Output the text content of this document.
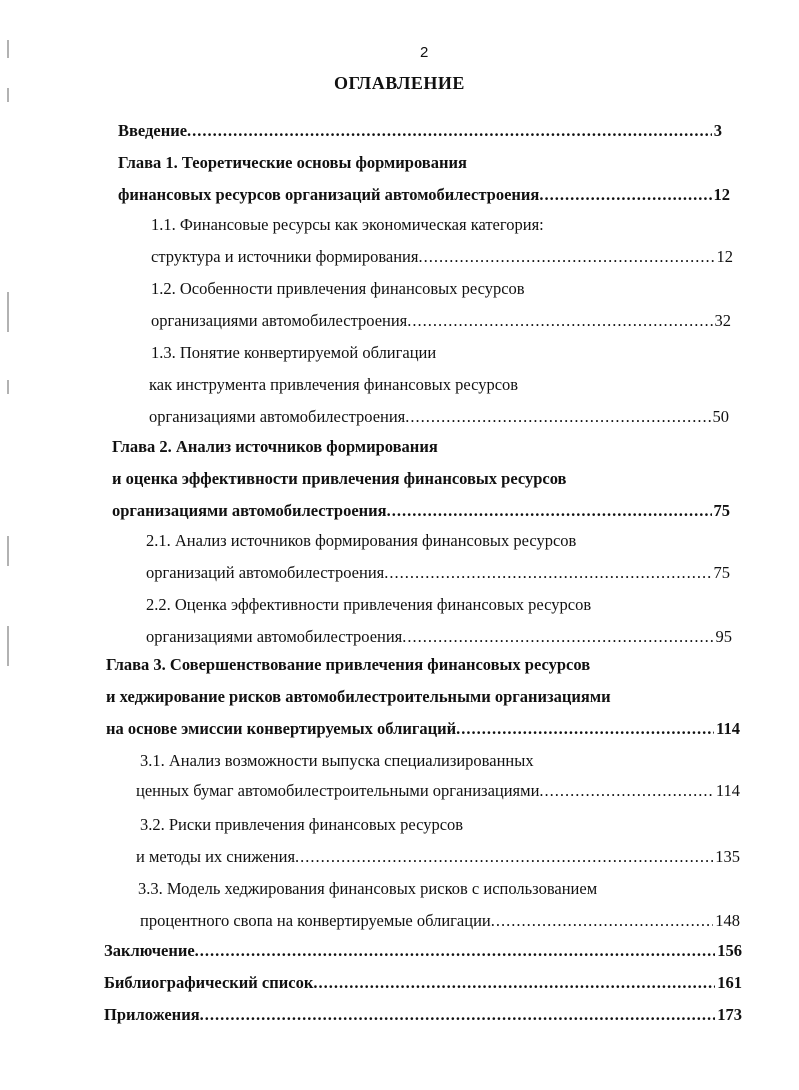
2
ОГЛАВЛЕНИЕ
Введение .....	3
Глава 1. Теоретические основы формирования
финансовых ресурсов организаций автомобилестроения .....	12
1.1. Финансовые ресурсы как экономическая категория:
структура и источники формирования .....	12
1.2. Особенности привлечения финансовых ресурсов
организациями автомобилестроения .....	32
1.3. Понятие конвертируемой облигации
как инструмента привлечения финансовых ресурсов
организациями автомобилестроения .....	50
Глава 2. Анализ источников формирования
и оценка эффективности привлечения финансовых ресурсов
организациями автомобилестроения .....	75
2.1. Анализ источников формирования финансовых ресурсов
организаций автомобилестроения .....	75
2.2. Оценка эффективности привлечения финансовых ресурсов
организациями автомобилестроения .....	95
Глава 3. Совершенствование привлечения финансовых ресурсов
и хеджирование рисков автомобилестроительными организациями
на основе эмиссии конвертируемых облигаций .....	114
3.1. Анализ возможности выпуска специализированных
ценных бумаг автомобилестроительными организациями .....	114
3.2. Риски привлечения финансовых ресурсов
и методы их снижения .....	135
3.3. Модель хеджирования финансовых рисков с использованием
процентного свопа на конвертируемые облигации .....	148
Заключение .....	156
Библиографический список .....	161
Приложения .....	173
